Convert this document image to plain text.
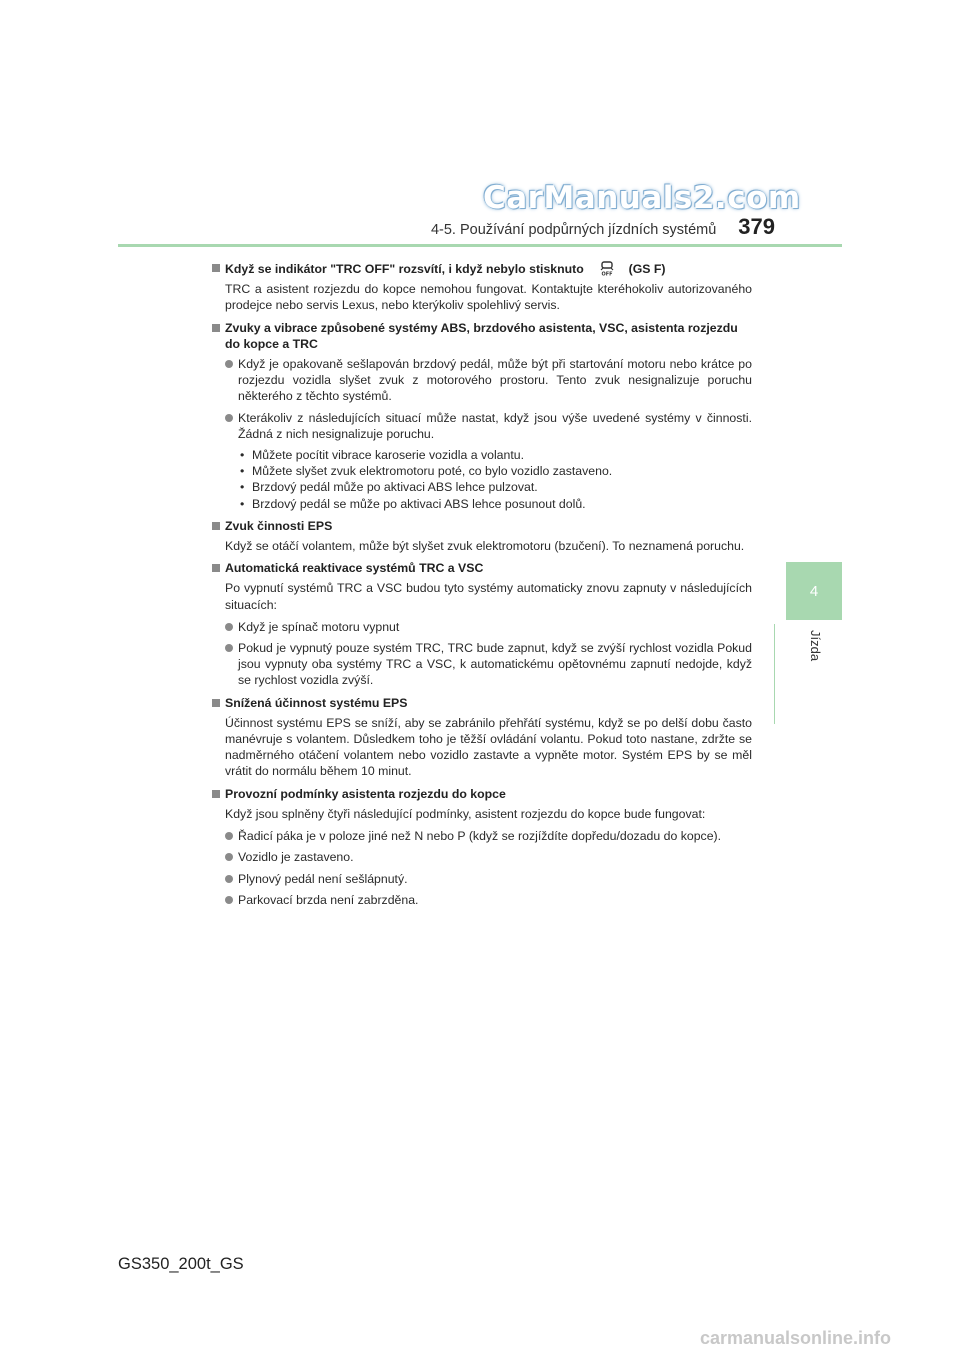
CarManuals2.com
4-5. Používání podpůrných jízdních systémů 379
4
Jízda
Když se indikátor "TRC OFF" rozsvítí, i když nebylo stisknuto	OFF (GS F)
TRC a asistent rozjezdu do kopce nemohou fungovat. Kontaktujte kteréhokoliv autorizovaného prodejce nebo servis Lexus, nebo kterýkoliv spolehlivý servis.
Zvuky a vibrace způsobené systémy ABS, brzdového asistenta, VSC, asistenta rozjezdu do kopce a TRC
Když je opakovaně sešlapován brzdový pedál, může být při startování motoru nebo krátce po rozjezdu vozidla slyšet zvuk z motorového prostoru. Tento zvuk nesignalizuje poruchu některého z těchto systémů.
Kterákoliv z následujících situací může nastat, když jsou výše uvedené systémy v činnosti. Žádná z nich nesignalizuje poruchu.
• Můžete pocítit vibrace karoserie vozidla a volantu.
• Můžete slyšet zvuk elektromotoru poté, co bylo vozidlo zastaveno.
• Brzdový pedál může po aktivaci ABS lehce pulzovat.
• Brzdový pedál se může po aktivaci ABS lehce posunout dolů.
Zvuk činnosti EPS
Když se otáčí volantem, může být slyšet zvuk elektromotoru (bzučení). To neznamená poruchu.
Automatická reaktivace systémů TRC a VSC
Po vypnutí systémů TRC a VSC budou tyto systémy automaticky znovu zapnuty v následujících situacích:
Když je spínač motoru vypnut
Pokud je vypnutý pouze systém TRC, TRC bude zapnut, když se zvýší rychlost vozidla Pokud jsou vypnuty oba systémy TRC a VSC, k automatickému opětovnému zapnutí nedojde, když se rychlost vozidla zvýší.
Snížená účinnost systému EPS
Účinnost systému EPS se sníží, aby se zabránilo přehřátí systému, když se po delší dobu často manévruje s volantem. Důsledkem toho je těžší ovládání volantu. Pokud toto nastane, zdržte se nadměrného otáčení volantem nebo vozidlo zastavte a vypněte motor. Systém EPS by se měl vrátit do normálu během 10 minut.
Provozní podmínky asistenta rozjezdu do kopce
Když jsou splněny čtyři následující podmínky, asistent rozjezdu do kopce bude fungovat:
Řadicí páka je v poloze jiné než N nebo P (když se rozjíždíte dopředu/dozadu do kopce).
Vozidlo je zastaveno.
Plynový pedál není sešlápnutý.
Parkovací brzda není zabrzděna.
GS350_200t_GS
carmanualsonline.info
